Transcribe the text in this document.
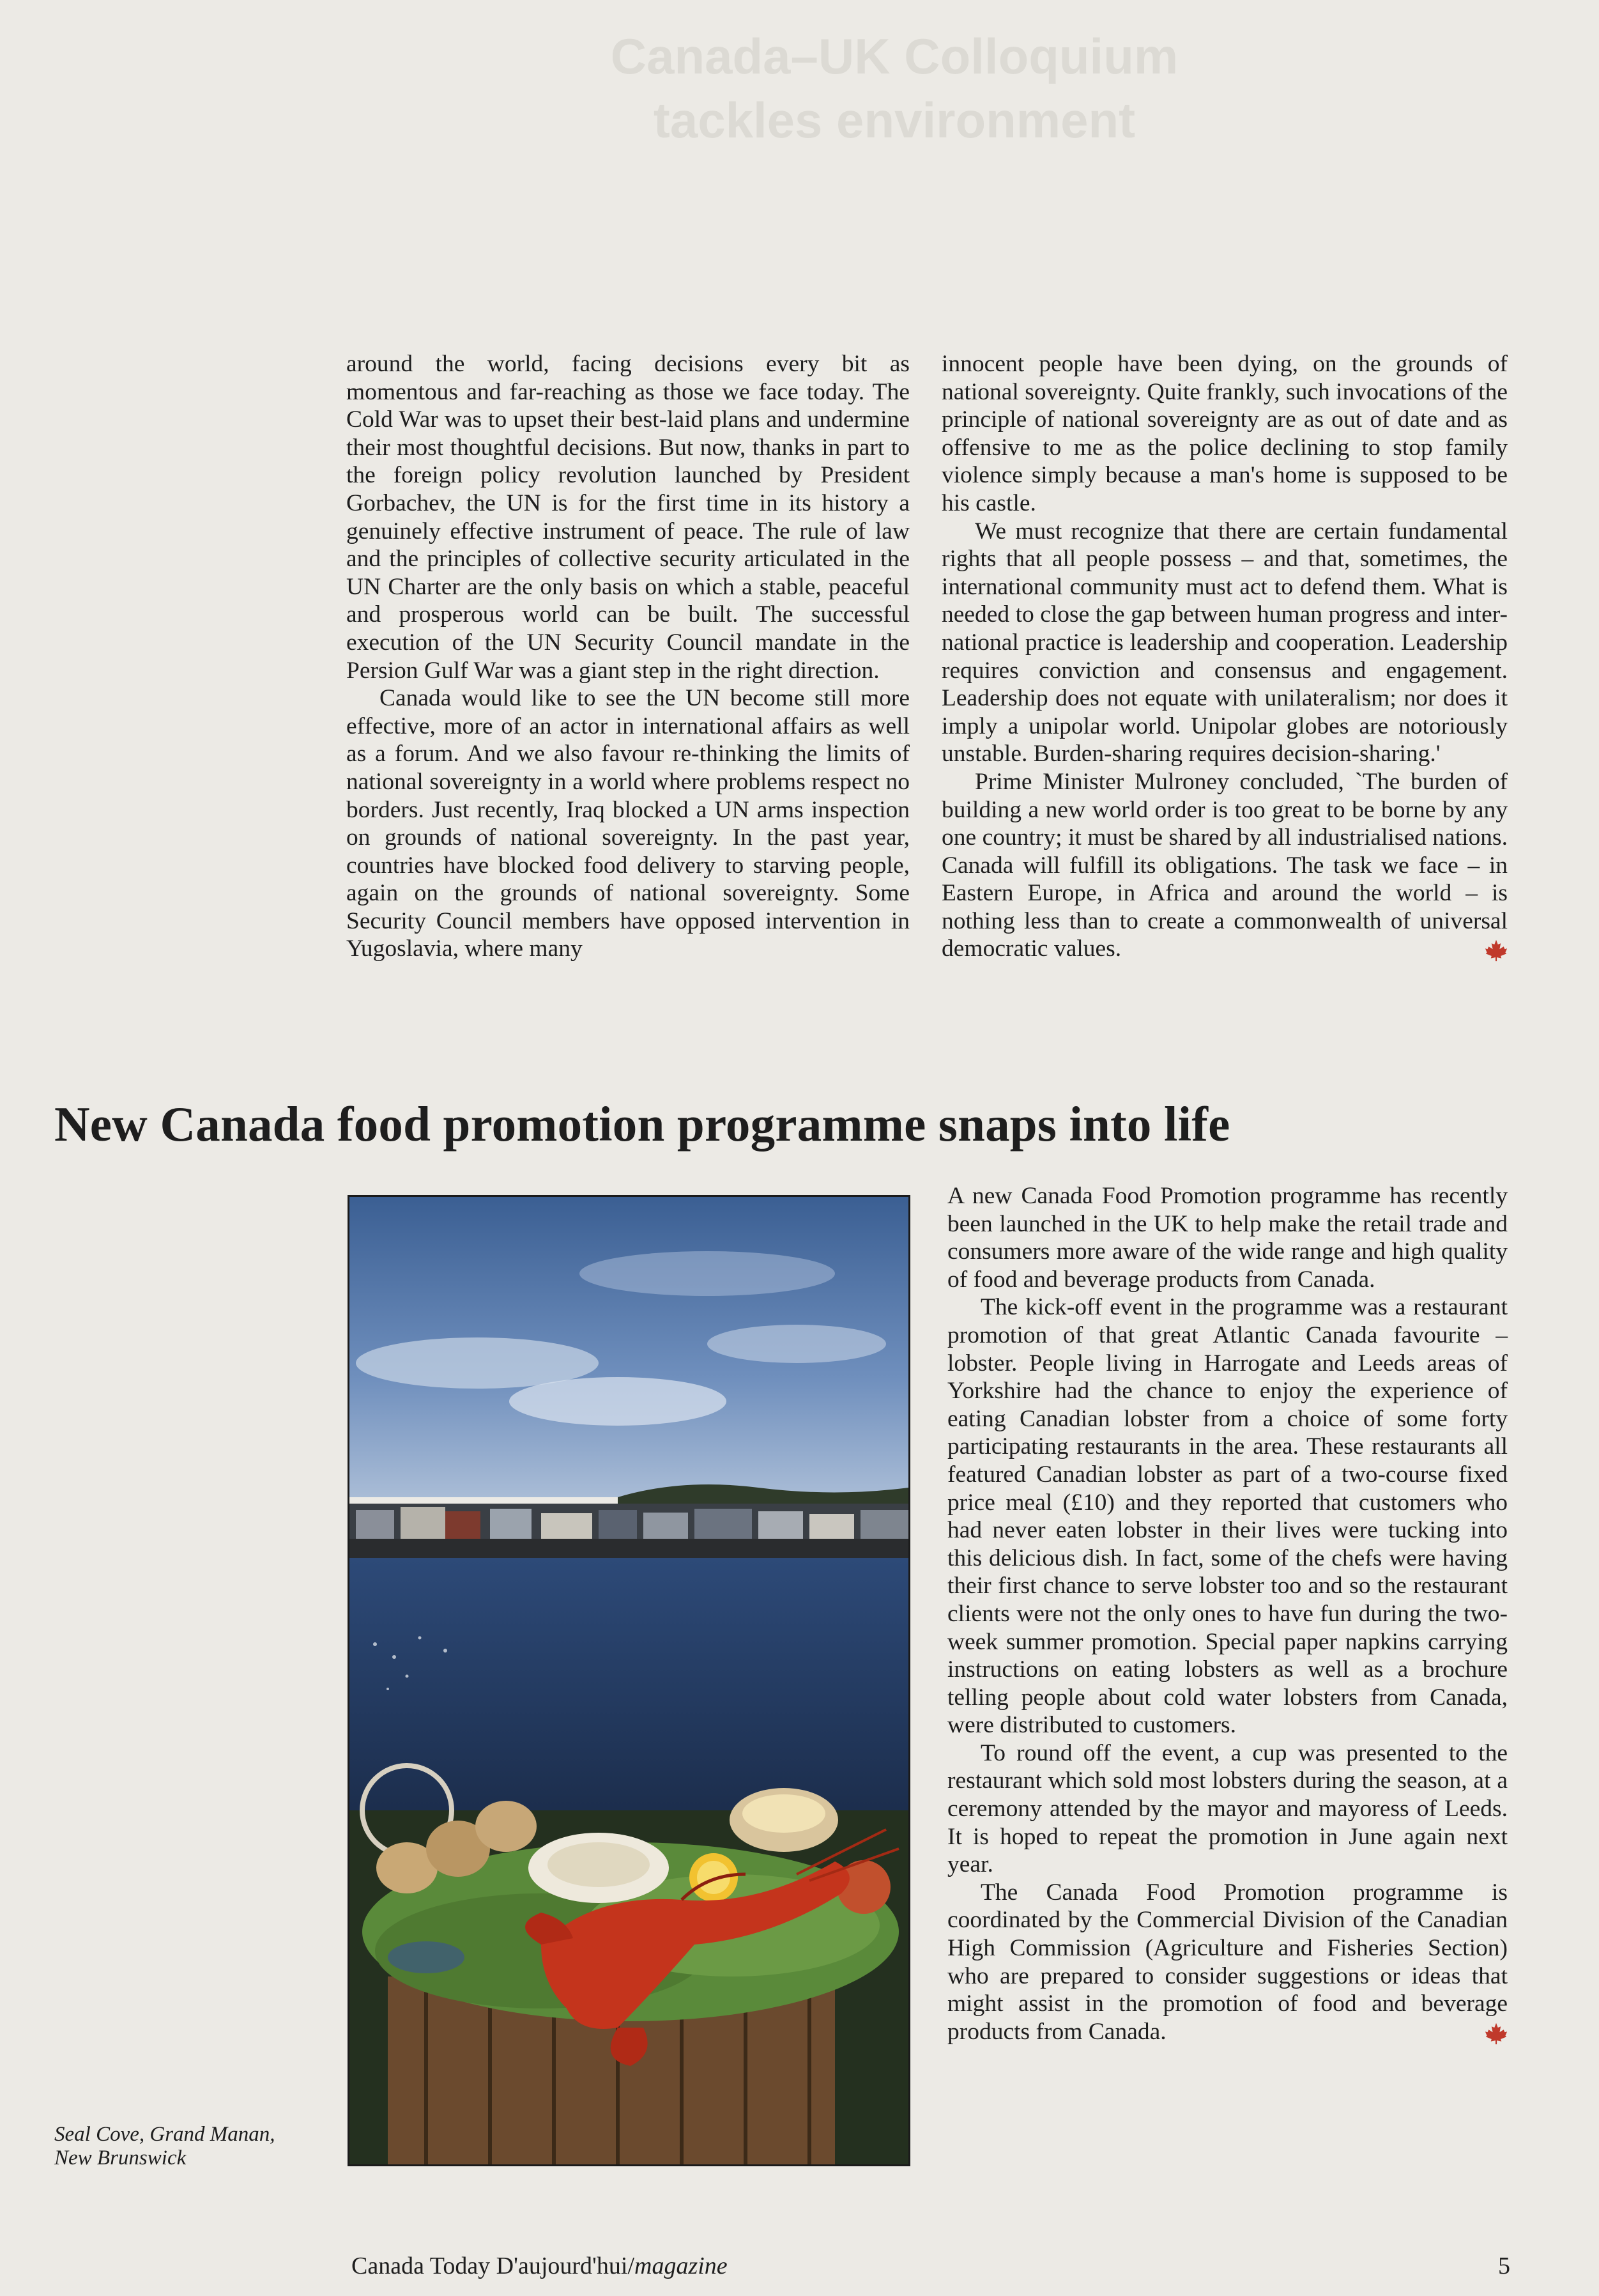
Canada–UK Colloquium
tackles environment

around the world, facing decisions every bit as momentous and far-reaching as those we face today. The Cold War was to upset their best-laid plans and undermine their most thoughtful decisions. But now, thanks in part to the foreign policy revolution launched by President Gorbachev, the UN is for the first time in its history a genuinely effective instrument of peace. The rule of law and the principles of collective security articulated in the UN Charter are the only basis on which a stable, peaceful and prosperous world can be built. The successful execution of the UN Security Council mandate in the Persion Gulf War was a giant step in the right direction.

Canada would like to see the UN become still more effective, more of an actor in international affairs as well as a forum. And we also favour re-thinking the limits of national sovereignty in a world where problems respect no borders. Just recently, Iraq blocked a UN arms inspection on grounds of national sovereignty. In the past year, countries have blocked food delivery to starving people, again on the grounds of national sovereignty. Some Security Council members have opposed intervention in Yugoslavia, where many

innocent people have been dying, on the grounds of national sovereignty. Quite frankly, such invocations of the principle of national sovereignty are as out of date and as offensive to me as the police declining to stop family violence simply because a man's home is supposed to be his castle.

We must recognize that there are certain fundamental rights that all people possess – and that, sometimes, the international community must act to defend them. What is needed to close the gap between human progress and inter-national practice is leadership and cooperation. Leadership requires conviction and consensus and engagement. Leadership does not equate with unilateralism; nor does it imply a unipolar world. Unipolar globes are notoriously unstable. Burden-sharing requires decision-sharing.'

Prime Minister Mulroney concluded, `The burden of building a new world order is too great to be borne by any one country; it must be shared by all industrialised nations. Canada will fulfill its obligations. The task we face – in Eastern Europe, in Africa and around the world – is nothing less than to create a commonwealth of universal democratic values.

New Canada food promotion programme snaps into life
Seal Cove, Grand Manan, New Brunswick

A new Canada Food Promotion programme has recently been launched in the UK to help make the retail trade and consumers more aware of the wide range and high quality of food and beverage products from Canada.

The kick-off event in the programme was a restaurant promotion of that great Atlantic Canada favourite – lobster. People living in Harrogate and Leeds areas of Yorkshire had the chance to enjoy the experience of eating Canadian lobster from a choice of some forty participating restaurants in the area. These restaurants all featured Canadian lobster as part of a two-course fixed price meal (£10) and they reported that customers who had never eaten lobster in their lives were tucking into this delicious dish. In fact, some of the chefs were having their first chance to serve lobster too and so the restaurant clients were not the only ones to have fun during the two-week summer promotion. Special paper napkins carrying instructions on eating lobsters as well as a brochure telling people about cold water lobsters from Canada, were distributed to customers.

To round off the event, a cup was presented to the restaurant which sold most lobsters during the season, at a ceremony attended by the mayor and mayoress of Leeds. It is hoped to repeat the promotion in June again next year.

The Canada Food Promotion programme is coordinated by the Commercial Division of the Canadian High Commission (Agriculture and Fisheries Section) who are prepared to consider suggestions or ideas that might assist in the promotion of food and beverage products from Canada.

Canada Today D'aujourd'hui/magazine	5
